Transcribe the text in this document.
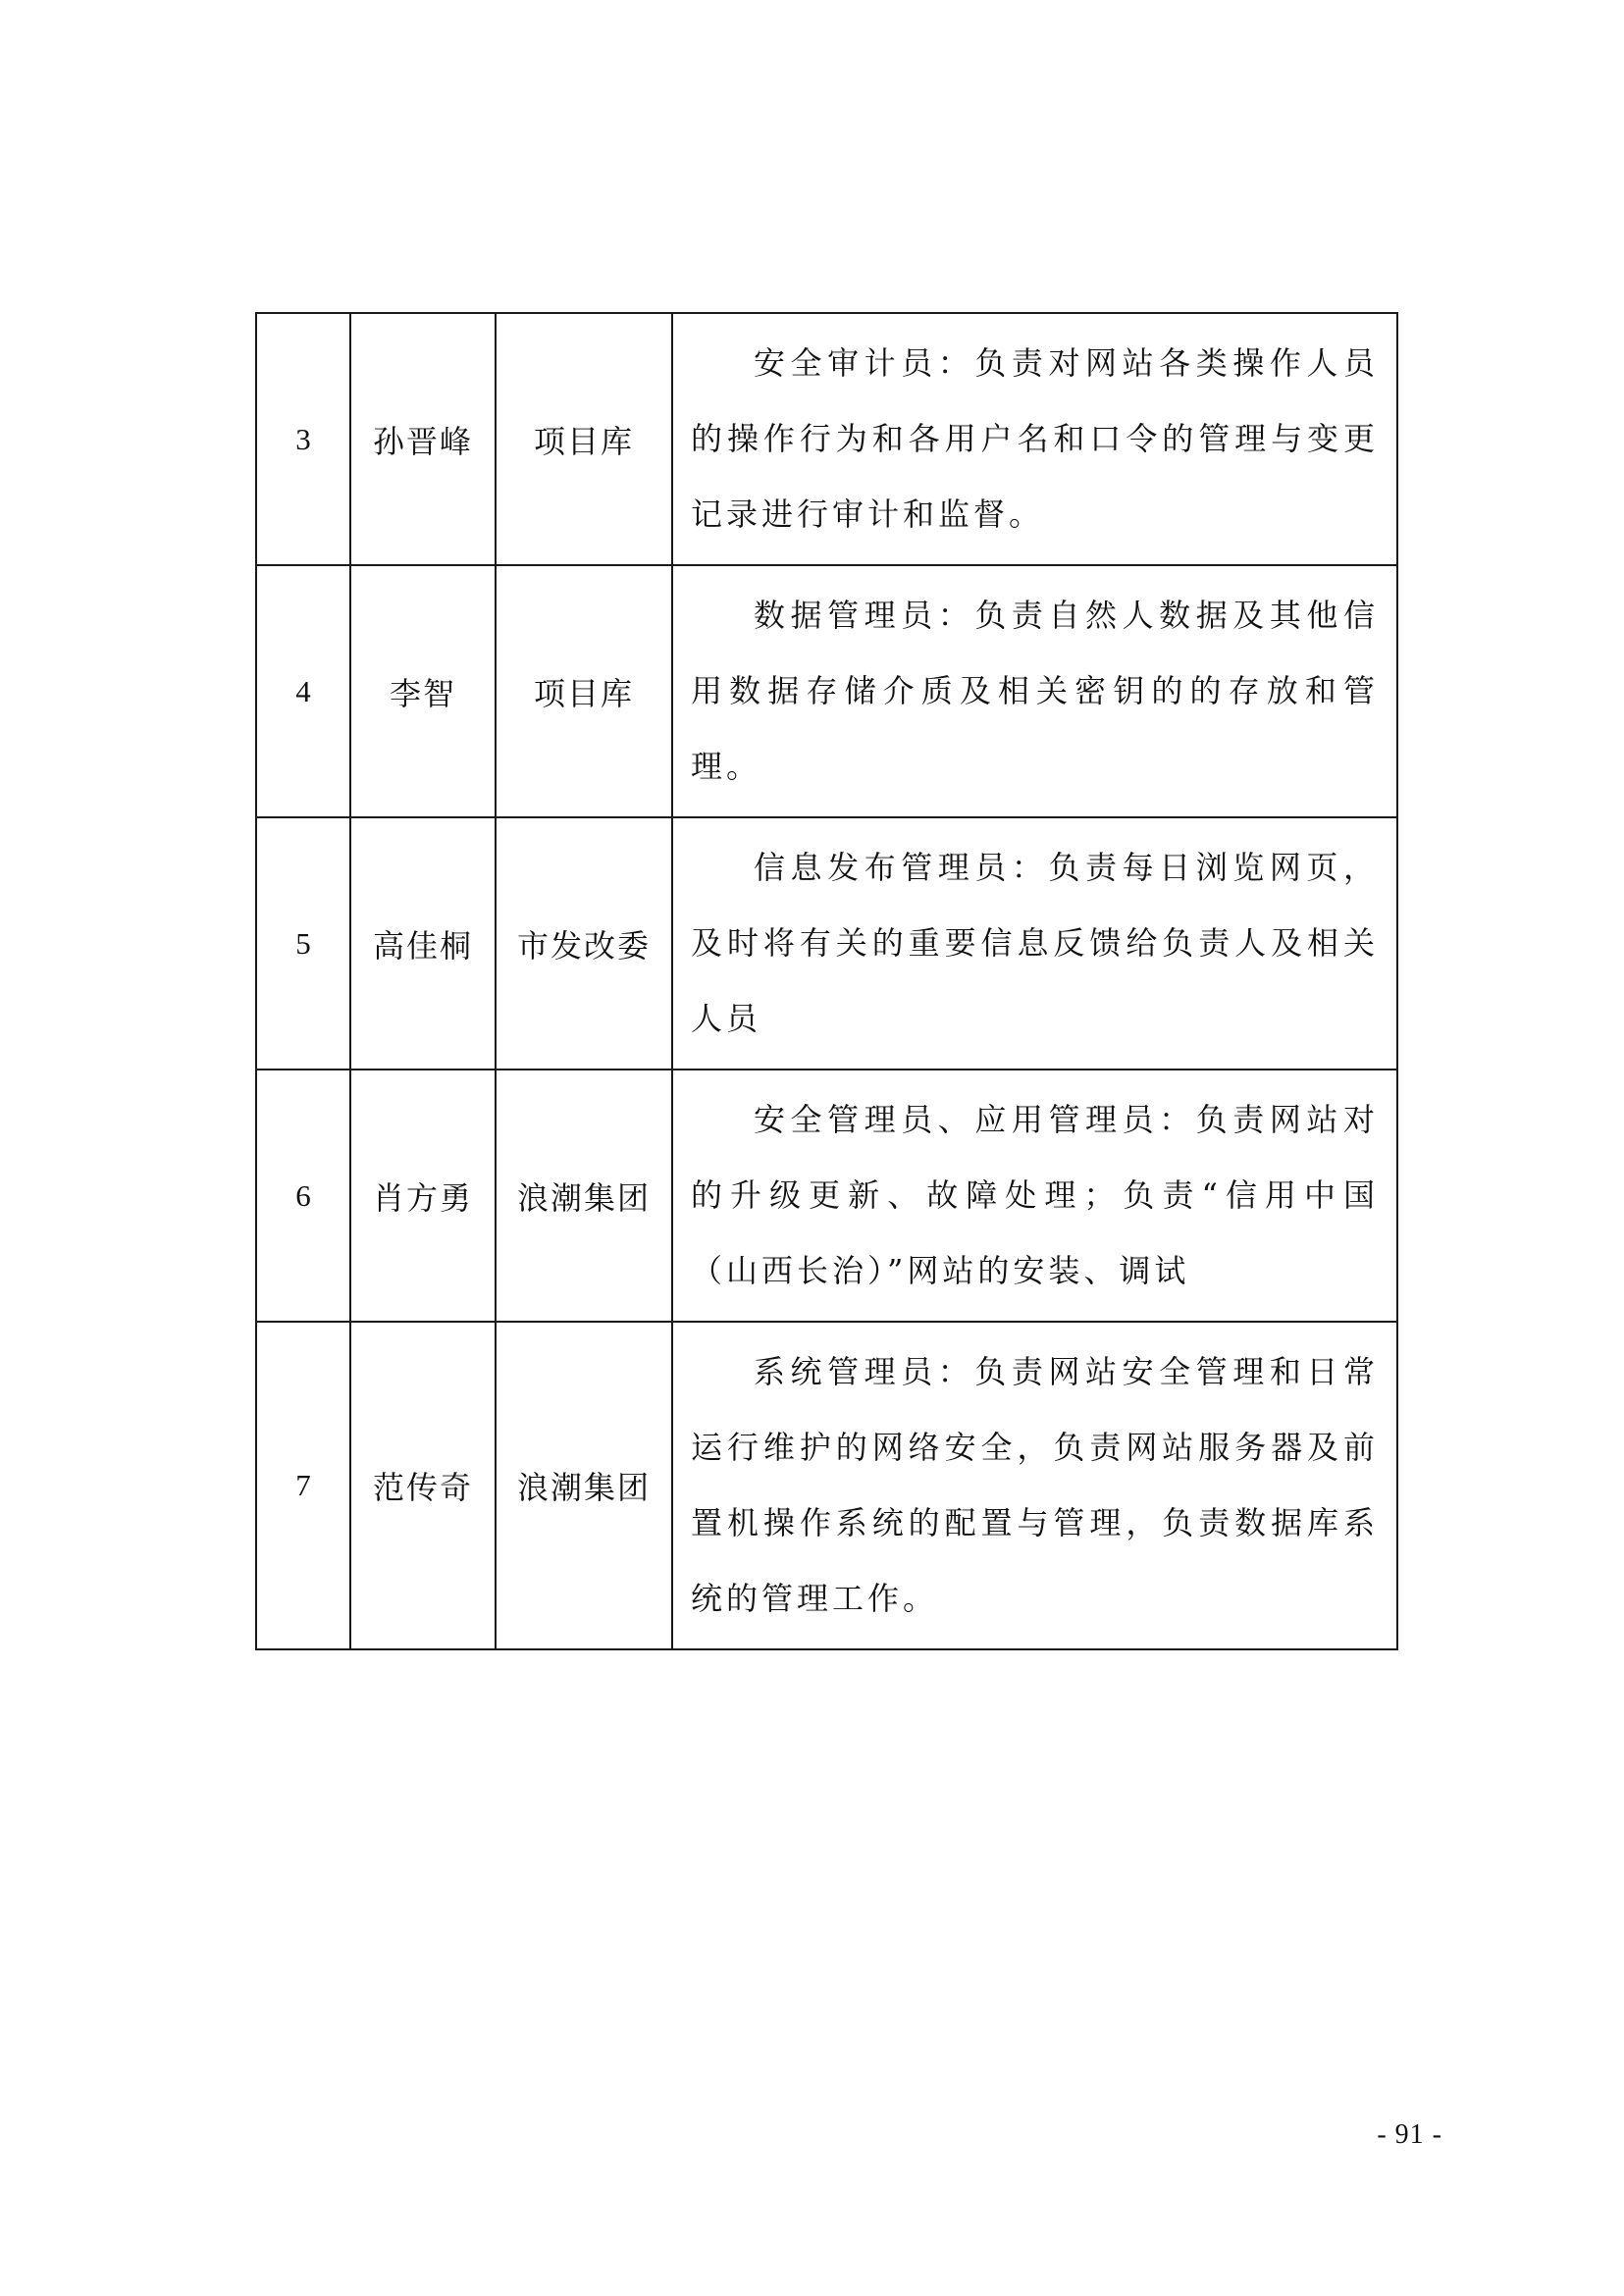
3	孙晋峰	项目库	安全审计员：负责对网站各类操作人员的操作行为和各用户名和口令的管理与变更记录进行审计和监督。
4	李智	项目库	数据管理员：负责自然人数据及其他信用数据存储介质及相关密钥的的存放和管理。
5	高佳桐	市发改委	信息发布管理员：负责每日浏览网页，及时将有关的重要信息反馈给负责人及相关人员
6	肖方勇	浪潮集团	安全管理员、应用管理员：负责网站对的升级更新、故障处理；负责“信用中国（山西长治）”网站的安装、调试
7	范传奇	浪潮集团	系统管理员：负责网站安全管理和日常运行维护的网络安全，负责网站服务器及前置机操作系统的配置与管理，负责数据库系统的管理工作。
- 91 -
